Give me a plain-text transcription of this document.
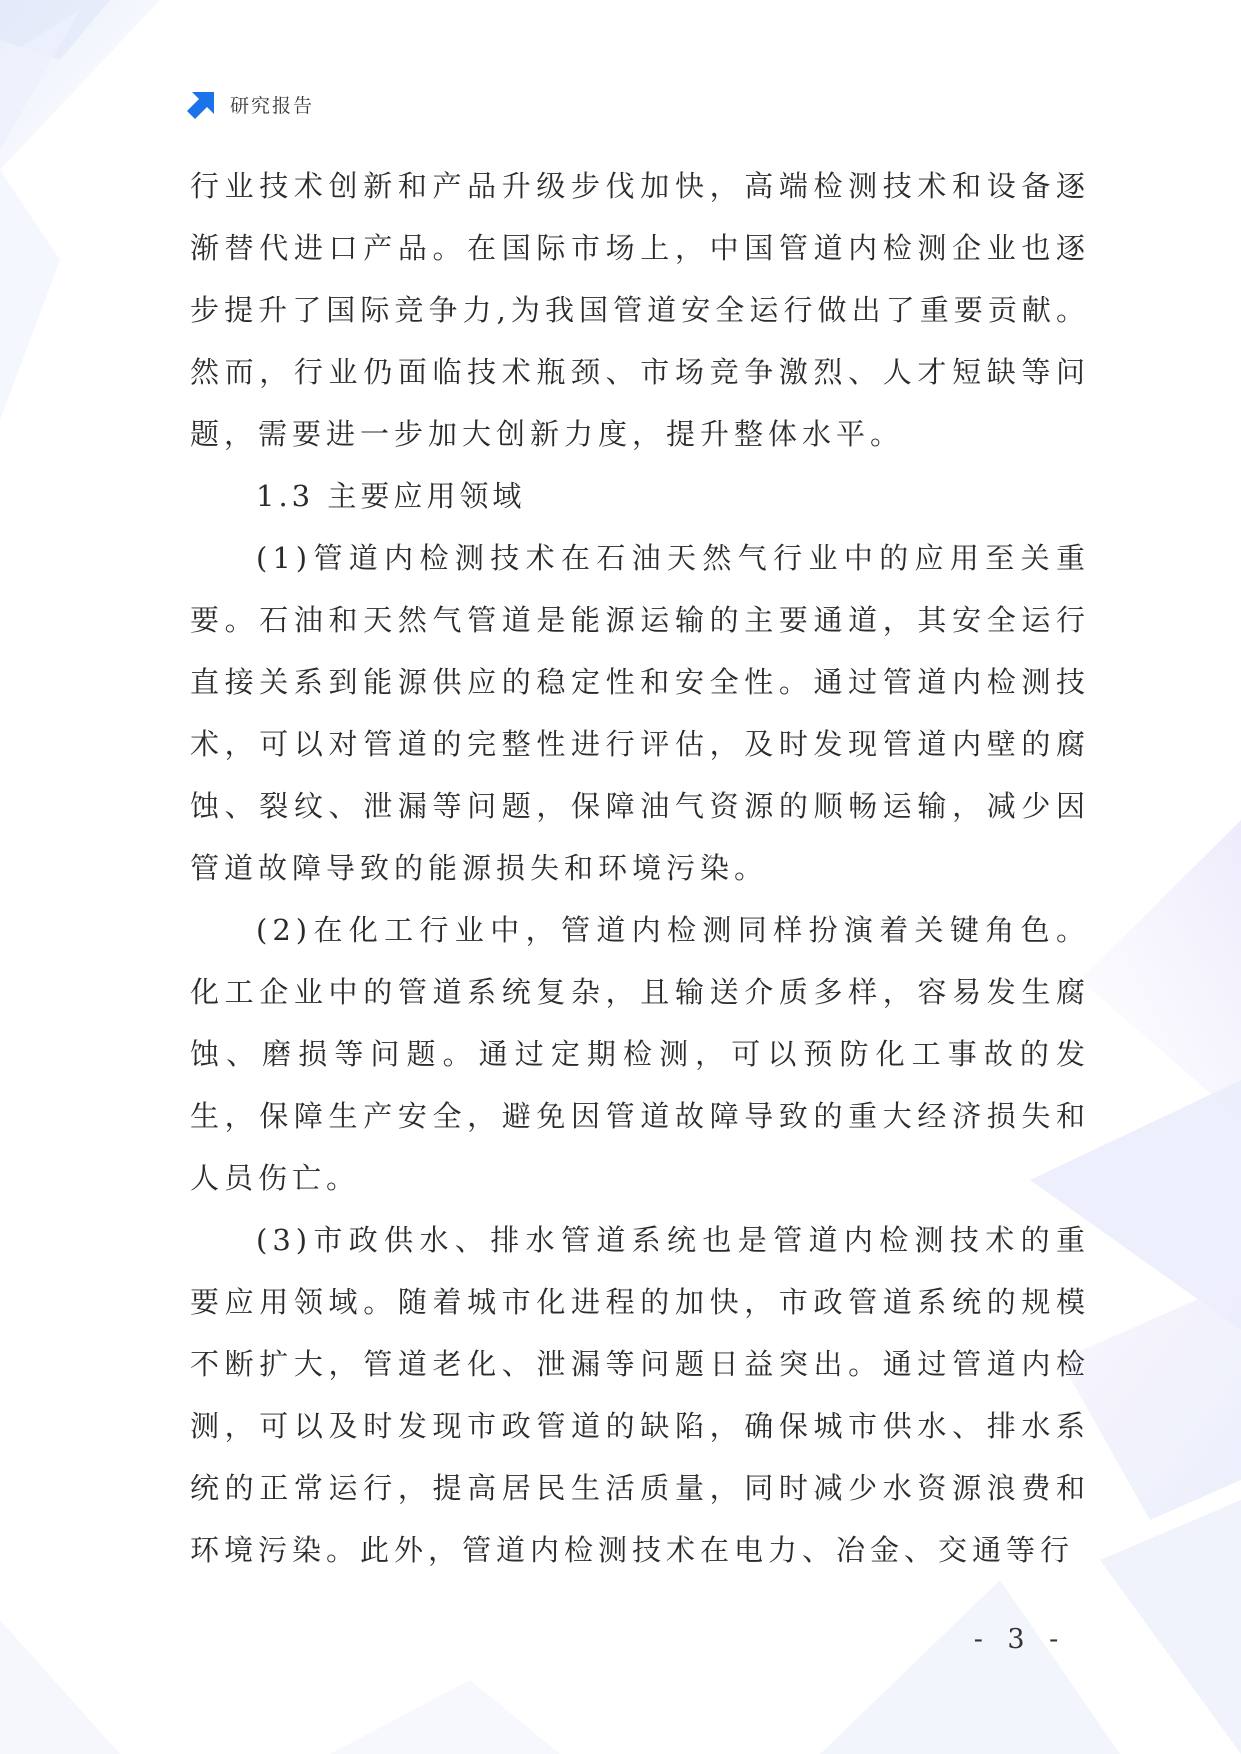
研究报告

行业技术创新和产品升级步伐加快，高端检测技术和设备逐渐替代进口产品。在国际市场上，中国管道内检测企业也逐步提升了国际竞争力,为我国管道安全运行做出了重要贡献。然而，行业仍面临技术瓶颈、市场竞争激烈、人才短缺等问题，需要进一步加大创新力度，提升整体水平。

1.3 主要应用领域

(1)管道内检测技术在石油天然气行业中的应用至关重要。石油和天然气管道是能源运输的主要通道，其安全运行直接关系到能源供应的稳定性和安全性。通过管道内检测技术，可以对管道的完整性进行评估，及时发现管道内壁的腐蚀、裂纹、泄漏等问题，保障油气资源的顺畅运输，减少因管道故障导致的能源损失和环境污染。

(2)在化工行业中，管道内检测同样扮演着关键角色。化工企业中的管道系统复杂，且输送介质多样，容易发生腐蚀、磨损等问题。通过定期检测，可以预防化工事故的发生，保障生产安全，避免因管道故障导致的重大经济损失和人员伤亡。

(3)市政供水、排水管道系统也是管道内检测技术的重要应用领域。随着城市化进程的加快，市政管道系统的规模不断扩大，管道老化、泄漏等问题日益突出。通过管道内检测，可以及时发现市政管道的缺陷，确保城市供水、排水系统的正常运行，提高居民生活质量，同时减少水资源浪费和环境污染。此外，管道内检测技术在电力、冶金、交通等行

- 3 -
